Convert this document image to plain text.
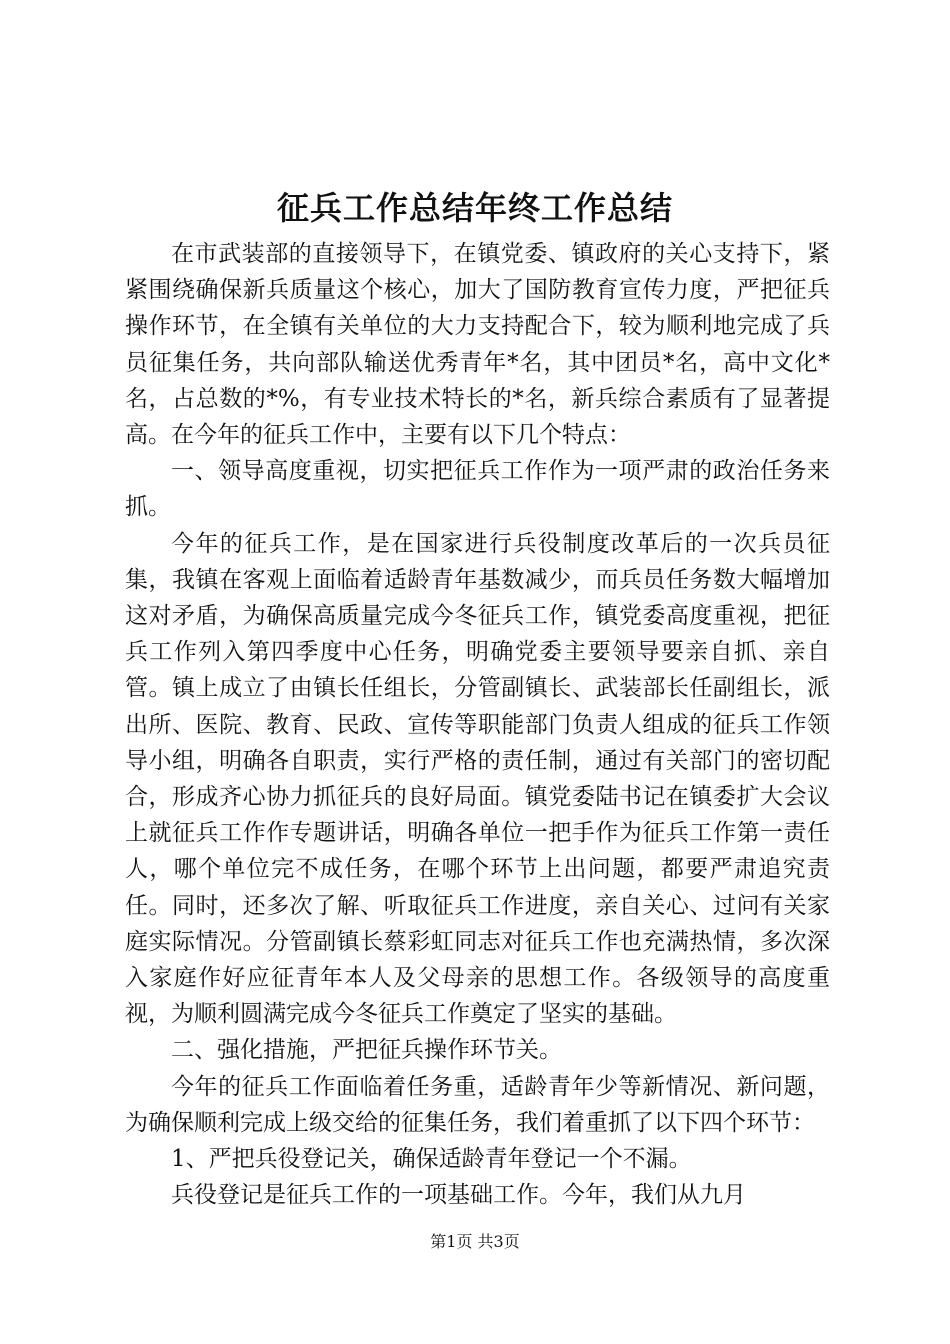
征兵工作总结年终工作总结

在市武装部的直接领导下，在镇党委、镇政府的关心支持下，紧紧围绕确保新兵质量这个核心，加大了国防教育宣传力度，严把征兵操作环节，在全镇有关单位的大力支持配合下，较为顺利地完成了兵员征集任务，共向部队输送优秀青年*名，其中团员*名，高中文化*名，占总数的*%，有专业技术特长的*名，新兵综合素质有了显著提高。在今年的征兵工作中，主要有以下几个特点：

一、领导高度重视，切实把征兵工作作为一项严肃的政治任务来抓。

今年的征兵工作，是在国家进行兵役制度改革后的一次兵员征集，我镇在客观上面临着适龄青年基数减少，而兵员任务数大幅增加这对矛盾，为确保高质量完成今冬征兵工作，镇党委高度重视，把征兵工作列入第四季度中心任务，明确党委主要领导要亲自抓、亲自管。镇上成立了由镇长任组长，分管副镇长、武装部长任副组长，派出所、医院、教育、民政、宣传等职能部门负责人组成的征兵工作领导小组，明确各自职责，实行严格的责任制，通过有关部门的密切配合，形成齐心协力抓征兵的良好局面。镇党委陆书记在镇委扩大会议上就征兵工作作专题讲话，明确各单位一把手作为征兵工作第一责任人，哪个单位完不成任务，在哪个环节上出问题，都要严肃追究责任。同时，还多次了解、听取征兵工作进度，亲自关心、过问有关家庭实际情况。分管副镇长蔡彩虹同志对征兵工作也充满热情，多次深入家庭作好应征青年本人及父母亲的思想工作。各级领导的高度重视，为顺利圆满完成今冬征兵工作奠定了坚实的基础。

二、强化措施，严把征兵操作环节关。

今年的征兵工作面临着任务重，适龄青年少等新情况、新问题，为确保顺利完成上级交给的征集任务，我们着重抓了以下四个环节：

1、严把兵役登记关，确保适龄青年登记一个不漏。

兵役登记是征兵工作的一项基础工作。今年，我们从九月

第1页 共3页
